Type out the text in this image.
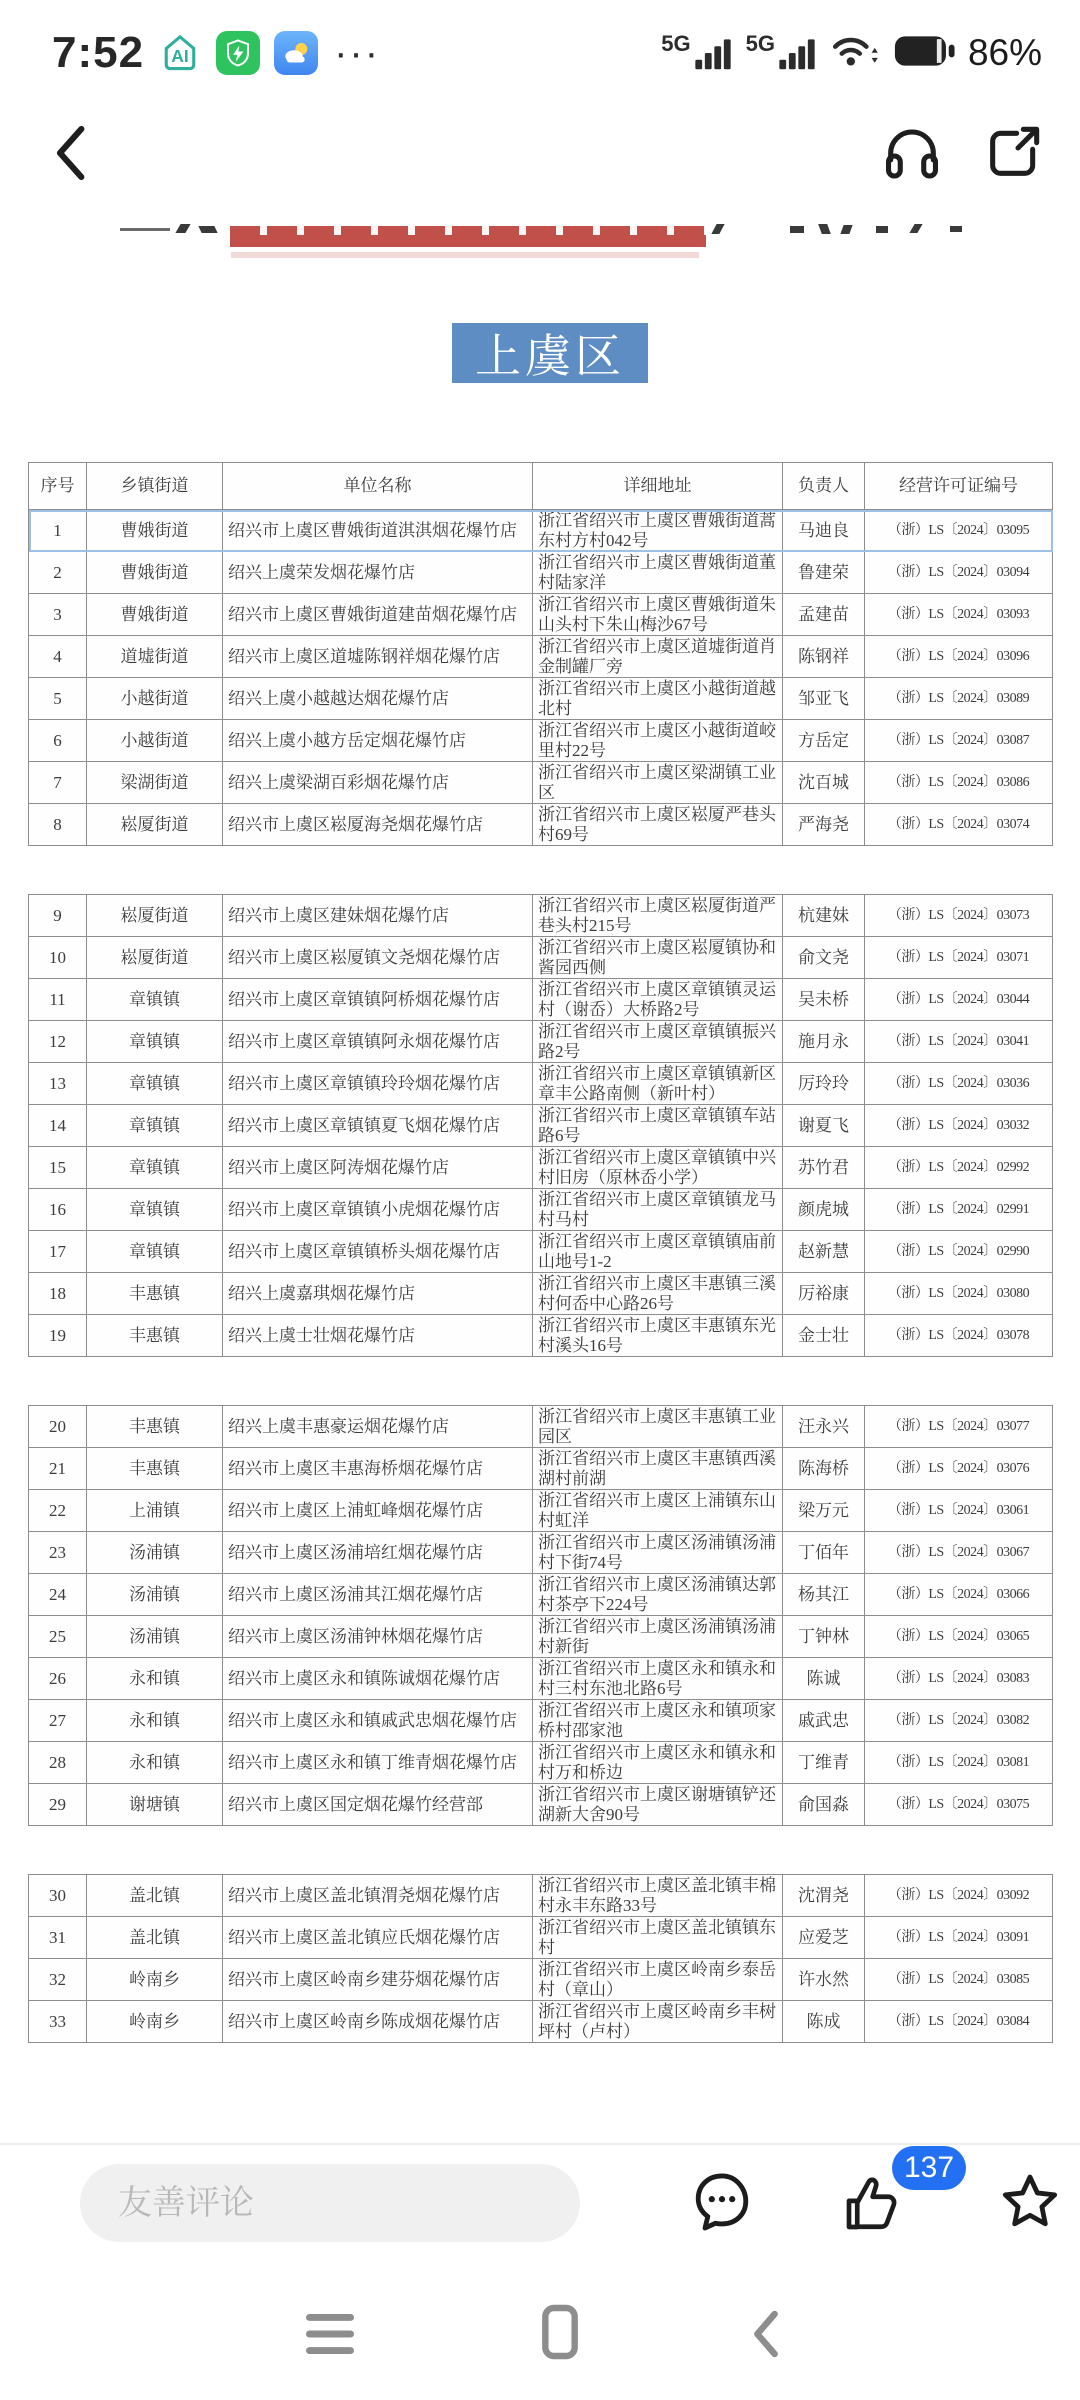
7:52	AI	···	5G	5G	86%
上虞区
序号	乡镇街道	单位名称	详细地址	负责人	经营许可证编号
1	曹娥街道	绍兴市上虞区曹娥街道淇淇烟花爆竹店	浙江省绍兴市上虞区曹娥街道蒿东村方村042号	马迪良	（浙）LS〔2024〕03095
2	曹娥街道	绍兴上虞荣发烟花爆竹店	浙江省绍兴市上虞区曹娥街道董村陆家洋	鲁建荣	（浙）LS〔2024〕03094
3	曹娥街道	绍兴市上虞区曹娥街道建苗烟花爆竹店	浙江省绍兴市上虞区曹娥街道朱山头村下朱山梅沙67号	孟建苗	（浙）LS〔2024〕03093
4	道墟街道	绍兴市上虞区道墟陈钢祥烟花爆竹店	浙江省绍兴市上虞区道墟街道肖金制罐厂旁	陈钢祥	（浙）LS〔2024〕03096
5	小越街道	绍兴上虞小越越达烟花爆竹店	浙江省绍兴市上虞区小越街道越北村	邹亚飞	（浙）LS〔2024〕03089
6	小越街道	绍兴上虞小越方岳定烟花爆竹店	浙江省绍兴市上虞区小越街道峧里村22号	方岳定	（浙）LS〔2024〕03087
7	梁湖街道	绍兴上虞梁湖百彩烟花爆竹店	浙江省绍兴市上虞区梁湖镇工业区	沈百城	（浙）LS〔2024〕03086
8	崧厦街道	绍兴市上虞区崧厦海尧烟花爆竹店	浙江省绍兴市上虞区崧厦严巷头村69号	严海尧	（浙）LS〔2024〕03074
9	崧厦街道	绍兴市上虞区建妹烟花爆竹店	浙江省绍兴市上虞区崧厦街道严巷头村215号	杭建妹	（浙）LS〔2024〕03073
10	崧厦街道	绍兴市上虞区崧厦镇文尧烟花爆竹店	浙江省绍兴市上虞区崧厦镇协和酱园西侧	俞文尧	（浙）LS〔2024〕03071
11	章镇镇	绍兴市上虞区章镇镇阿桥烟花爆竹店	浙江省绍兴市上虞区章镇镇灵运村（谢岙）大桥路2号	吴未桥	（浙）LS〔2024〕03044
12	章镇镇	绍兴市上虞区章镇镇阿永烟花爆竹店	浙江省绍兴市上虞区章镇镇振兴路2号	施月永	（浙）LS〔2024〕03041
13	章镇镇	绍兴市上虞区章镇镇玲玲烟花爆竹店	浙江省绍兴市上虞区章镇镇新区章丰公路南侧（新叶村）	厉玲玲	（浙）LS〔2024〕03036
14	章镇镇	绍兴市上虞区章镇镇夏飞烟花爆竹店	浙江省绍兴市上虞区章镇镇车站路6号	谢夏飞	（浙）LS〔2024〕03032
15	章镇镇	绍兴市上虞区阿涛烟花爆竹店	浙江省绍兴市上虞区章镇镇中兴村旧房（原林岙小学）	苏竹君	（浙）LS〔2024〕02992
16	章镇镇	绍兴市上虞区章镇镇小虎烟花爆竹店	浙江省绍兴市上虞区章镇镇龙马村马村	颜虎城	（浙）LS〔2024〕02991
17	章镇镇	绍兴市上虞区章镇镇桥头烟花爆竹店	浙江省绍兴市上虞区章镇镇庙前山地号1-2	赵新慧	（浙）LS〔2024〕02990
18	丰惠镇	绍兴上虞嘉琪烟花爆竹店	浙江省绍兴市上虞区丰惠镇三溪村何岙中心路26号	厉裕康	（浙）LS〔2024〕03080
19	丰惠镇	绍兴上虞士壮烟花爆竹店	浙江省绍兴市上虞区丰惠镇东光村溪头16号	金士壮	（浙）LS〔2024〕03078
20	丰惠镇	绍兴上虞丰惠豪运烟花爆竹店	浙江省绍兴市上虞区丰惠镇工业园区	汪永兴	（浙）LS〔2024〕03077
21	丰惠镇	绍兴市上虞区丰惠海桥烟花爆竹店	浙江省绍兴市上虞区丰惠镇西溪湖村前湖	陈海桥	（浙）LS〔2024〕03076
22	上浦镇	绍兴市上虞区上浦虹峰烟花爆竹店	浙江省绍兴市上虞区上浦镇东山村虹洋	梁万元	（浙）LS〔2024〕03061
23	汤浦镇	绍兴市上虞区汤浦培红烟花爆竹店	浙江省绍兴市上虞区汤浦镇汤浦村下街74号	丁佰年	（浙）LS〔2024〕03067
24	汤浦镇	绍兴市上虞区汤浦其江烟花爆竹店	浙江省绍兴市上虞区汤浦镇达郭村茶亭下224号	杨其江	（浙）LS〔2024〕03066
25	汤浦镇	绍兴市上虞区汤浦钟林烟花爆竹店	浙江省绍兴市上虞区汤浦镇汤浦村新街	丁钟林	（浙）LS〔2024〕03065
26	永和镇	绍兴市上虞区永和镇陈诚烟花爆竹店	浙江省绍兴市上虞区永和镇永和村三村东池北路6号	陈诚	（浙）LS〔2024〕03083
27	永和镇	绍兴市上虞区永和镇戚武忠烟花爆竹店	浙江省绍兴市上虞区永和镇项家桥村邵家池	戚武忠	（浙）LS〔2024〕03082
28	永和镇	绍兴市上虞区永和镇丁维青烟花爆竹店	浙江省绍兴市上虞区永和镇永和村万和桥边	丁维青	（浙）LS〔2024〕03081
29	谢塘镇	绍兴市上虞区国定烟花爆竹经营部	浙江省绍兴市上虞区谢塘镇铲还湖新大舍90号	俞国淼	（浙）LS〔2024〕03075
30	盖北镇	绍兴市上虞区盖北镇渭尧烟花爆竹店	浙江省绍兴市上虞区盖北镇丰棉村永丰东路33号	沈渭尧	（浙）LS〔2024〕03092
31	盖北镇	绍兴市上虞区盖北镇应氏烟花爆竹店	浙江省绍兴市上虞区盖北镇镇东村	应爱芝	（浙）LS〔2024〕03091
32	岭南乡	绍兴市上虞区岭南乡建芬烟花爆竹店	浙江省绍兴市上虞区岭南乡泰岳村（章山）	许水然	（浙）LS〔2024〕03085
33	岭南乡	绍兴市上虞区岭南乡陈成烟花爆竹店	浙江省绍兴市上虞区岭南乡丰树坪村（卢村）	陈成	（浙）LS〔2024〕03084
友善评论
137
